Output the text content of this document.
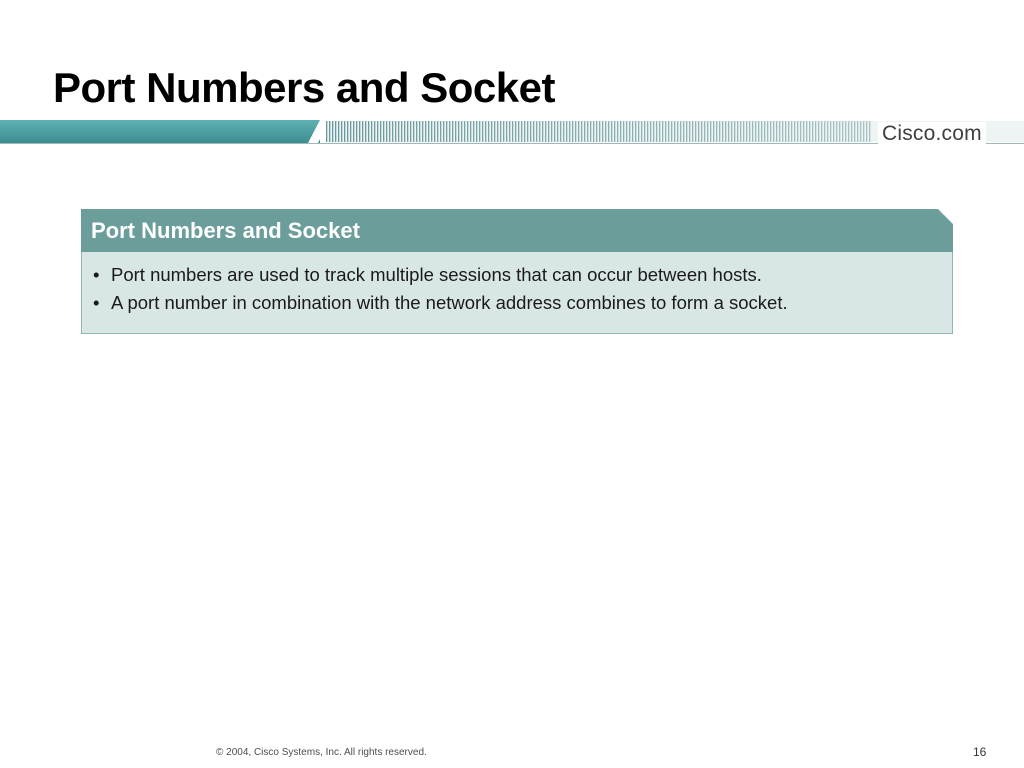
Port Numbers and Socket
Cisco.com
Port Numbers and Socket
• Port numbers are used to track multiple sessions that can occur between hosts.
• A port number in combination with the network address combines to form a socket.
© 2004, Cisco Systems, Inc. All rights reserved.	16
